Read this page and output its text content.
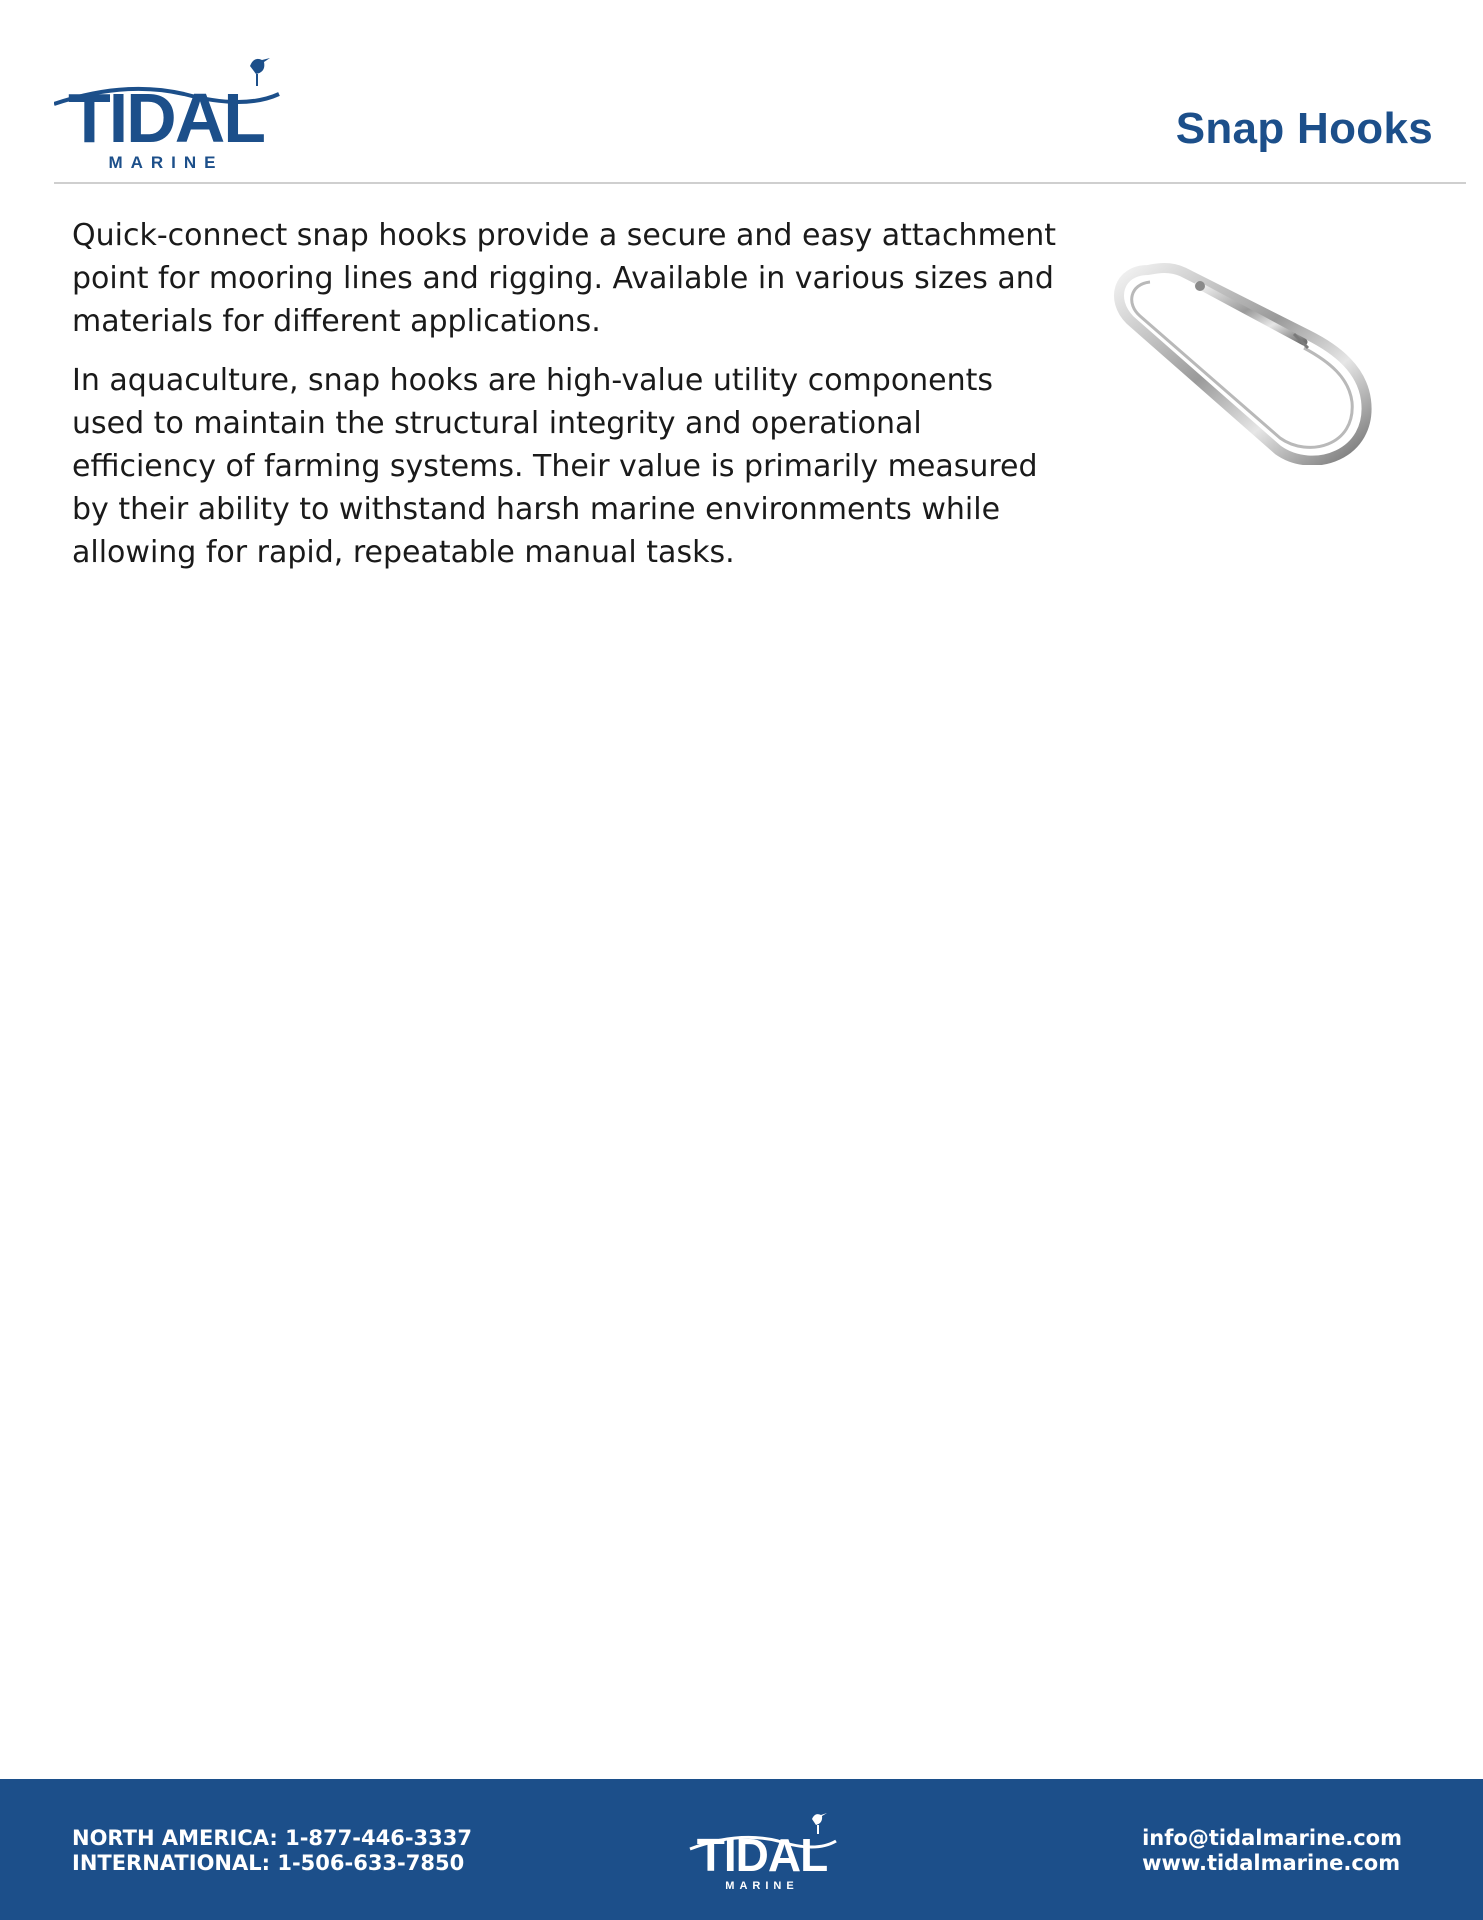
TIDAL
MARINE
Snap Hooks

Quick-connect snap hooks provide a secure and easy attachment point for mooring lines and rigging. Available in various sizes and materials for different applications.

In aquaculture, snap hooks are high-value utility components used to maintain the structural integrity and operational efficiency of farming systems. Their value is primarily measured by their ability to withstand harsh marine environments while allowing for rapid, repeatable manual tasks.

NORTH AMERICA: 1-877-446-3337
INTERNATIONAL: 1-506-633-7850	TIDAL
MARINE
info@tidalmarine.com
www.tidalmarine.com
